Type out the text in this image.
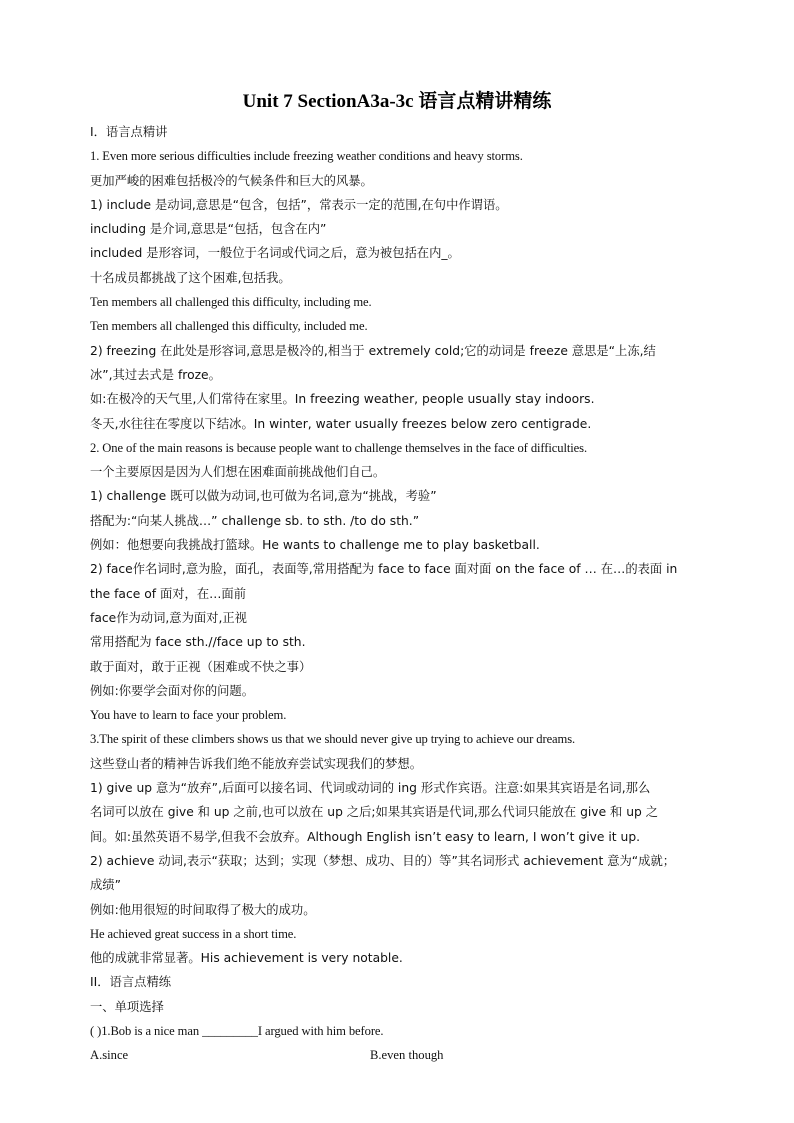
Unit 7 SectionA3a-3c 语言点精讲精练
I．语言点精讲
1. Even more serious difficulties include freezing weather conditions and heavy storms.
更加严峻的困难包括极冷的气候条件和巨大的风暴。
1) include 是动词,意思是“包含，包括”，常表示一定的范围,在句中作谓语。
including 是介词,意思是“包括，包含在内”
included 是形容词，一般位于名词或代词之后，意为被包括在内_。
十名成员都挑战了这个困难,包括我。
Ten members all challenged this difficulty, including me.
Ten members all challenged this difficulty, included me.
2) freezing 在此处是形容词,意思是极冷的,相当于 extremely cold;它的动词是 freeze 意思是“上冻,结
冰”,其过去式是 froze。
如:在极冷的天气里,人们常待在家里。In freezing weather, people usually stay indoors.
冬天,水往往在零度以下结冰。In winter, water usually freezes below zero centigrade.
2. One of the main reasons is because people want to challenge themselves in the face of difficulties.
一个主要原因是因为人们想在困难面前挑战他们自己。
1) challenge 既可以做为动词,也可做为名词,意为“挑战，考验”
搭配为:“向某人挑战…” challenge sb. to sth. /to do sth.”
例如：他想要向我挑战打篮球。He wants to challenge me to play basketball.
2) face作名词时,意为脸，面孔，表面等,常用搭配为 face to face 面对面 on the face of … 在…的表面 in
the face of 面对，在…面前
face作为动词,意为面对,正视
常用搭配为 face sth.//face up to sth.
敢于面对，敢于正视（困难或不快之事）
例如:你要学会面对你的问题。
You have to learn to face your problem.
3.The spirit of these climbers shows us that we should never give up trying to achieve our dreams.
这些登山者的精神告诉我们绝不能放弃尝试实现我们的梦想。
1) give up 意为“放弃”,后面可以接名词、代词或动词的 ing 形式作宾语。注意:如果其宾语是名词,那么
名词可以放在 give 和 up 之前,也可以放在 up 之后;如果其宾语是代词,那么代词只能放在 give 和 up 之
间。如:虽然英语不易学,但我不会放弃。Although English isn’t easy to learn, I won’t give it up.
2) achieve 动词,表示“获取；达到；实现（梦想、成功、目的）等”其名词形式 achievement 意为“成就；
成绩”
例如:他用很短的时间取得了极大的成功。
He achieved great success in a short time.
他的成就非常显著。His achievement is very notable.
II．语言点精练
一、单项选择
( )1.Bob is a nice man _________I argued with him before.
A.since	B.even though
